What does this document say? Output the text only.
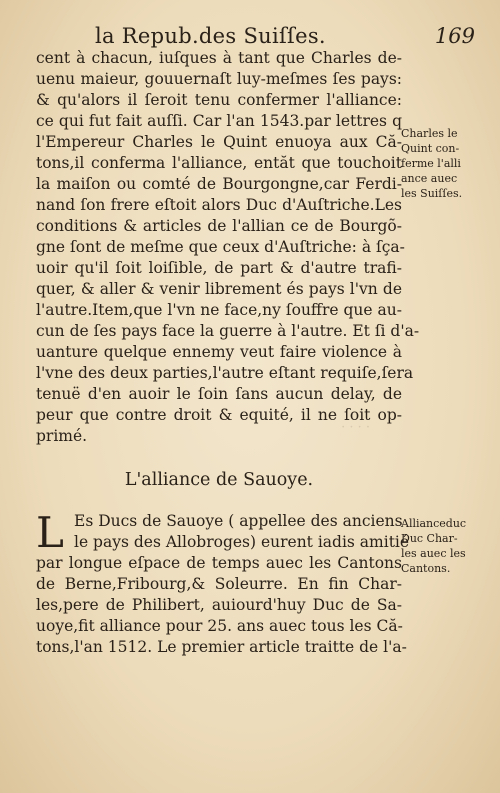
la Repub.des Suiſſes.	169
· · · ·
cent à chacun, iuſques à tant que Charles de-
uenu maieur, gouuernaſt luy-meſmes ſes pays:
& qu'alors il ſeroit tenu confermer l'alliance:
ce qui fut fait auſſi. Car l'an 1543.par lettres q
l'Empereur Charles le Quint enuoya aux Că-
tons,il conferma l'alliance, entăt que touchoit
la maiſon ou comté de Bourgongne,car Ferdi-
nand ſon frere eſtoit alors Duc d'Auſtriche.Les
conditions & articles de l'allian ce de Bourgõ-
gne ſont de meſme que ceux d'Auſtriche: à ſça-
uoir qu'il ſoit loiſible, de part & d'autre trafi-
quer, & aller & venir librement és pays l'vn de
l'autre.Item,que l'vn ne face,ny ſouffre que au-
cun de ſes pays face la guerre à l'autre. Et ſi d'a-
uanture quelque ennemy veut faire violence à
l'vne des deux parties,l'autre eſtant requiſe,ſera
tenuë d'en auoir le ſoin ſans aucun delay, de
peur que contre droit & equité, il ne ſoit op-
primé.
L'alliance de Sauoye.
L Es Ducs de Sauoye ( appellee des anciens
le pays des Allobroges) eurent iadis amitié
par longue eſpace de temps auec les Cantons
de Berne,Fribourg,& Soleurre. En fin Char-
les,pere de Philibert, auiourd'huy Duc de Sa-
uoye,fit alliance pour 25. ans auec tous les Că-
tons,l'an 1512. Le premier article traitte de l'a-
Charles le
Quint con-
ferme l'alli
ance auec
les Suiſſes.
Allianceduc
Duc Char-
les auec les
Cantons.
